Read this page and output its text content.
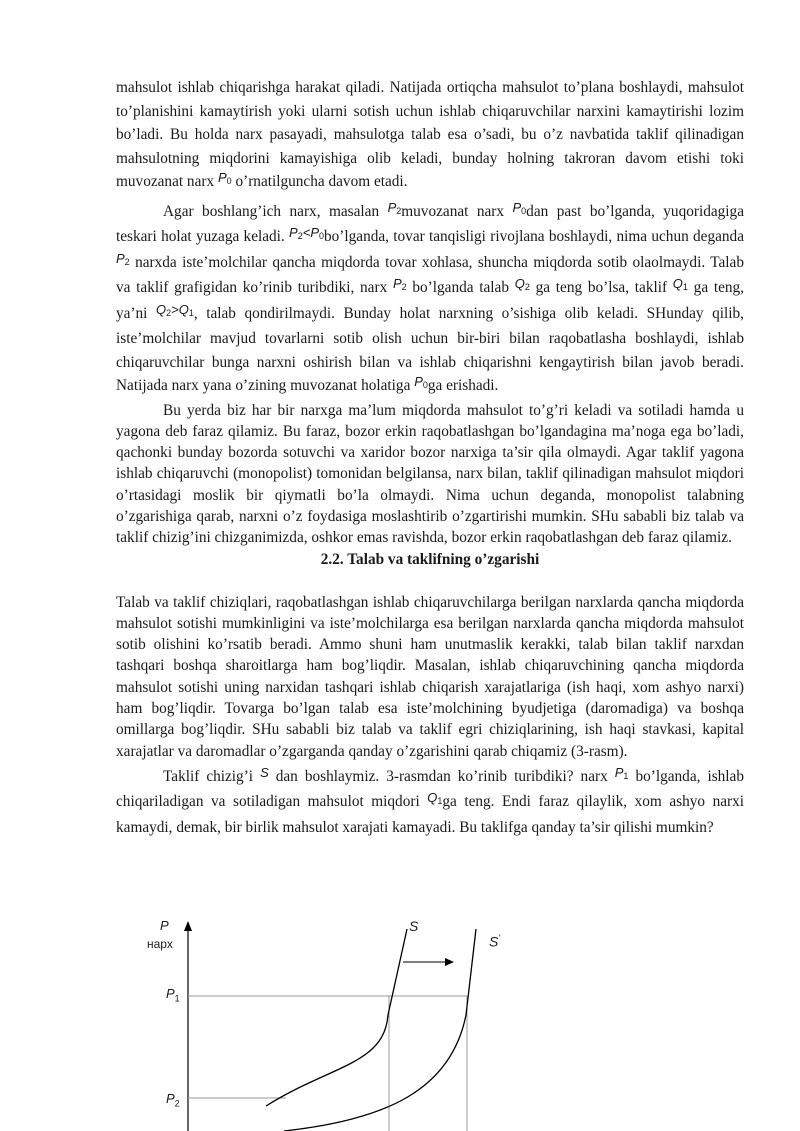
mahsulot ishlab chiqarishga harakat qiladi. Natijada ortiqcha mahsulot to’plana boshlaydi, mahsulot to’planishini kamaytirish yoki ularni sotish uchun ishlab chiqaruvchilar narxini kamaytirishi lozim bo’ladi. Bu holda narx pasayadi, mahsulotga talab esa o’sadi, bu o’z navbatida taklif qilinadigan mahsulotning miqdorini kamayishiga olib keladi, bunday holning takroran davom etishi toki muvozanat narx $^{P_0}$ o’rnatilguncha davom etadi.

Agar boshlang’ich narx, masalan $^{P_2}$muvozanat narx $^{P_0}$dan past bo’lganda, yuqoridagiga teskari holat yuzaga keladi. $^{P_2<P_0}$bo’lganda, tovar tanqisligi rivojlana boshlaydi, nima uchun deganda $^{P_2}$ narxda iste’molchilar qancha miqdorda tovar xohlasa, shuncha miqdorda sotib olaolmaydi. Talab va taklif grafigidan ko’rinib turibdiki, narx $^{P_2}$ bo’lganda talab $^{Q_2}$ ga teng bo’lsa, taklif $^{Q_1}$ ga teng, ya’ni $^{Q_2>Q_1}$, talab qondirilmaydi. Bunday holat narxning o’sishiga olib keladi. SHunday qilib, iste’molchilar mavjud tovarlarni sotib olish uchun bir-biri bilan raqobatlasha boshlaydi, ishlab chiqaruvchilar bunga narxni oshirish bilan va ishlab chiqarishni kengaytirish bilan javob beradi. Natijada narx yana o’zining muvozanat holatiga $^{P_0}$ga erishadi.

Bu yerda biz har bir narxga ma’lum miqdorda mahsulot to’g’ri keladi va sotiladi hamda u yagona deb faraz qilamiz. Bu faraz, bozor erkin raqobatlashgan bo’lgandagina ma’noga ega bo’ladi, qachonki bunday bozorda sotuvchi va xaridor bozor narxiga ta’sir qila olmaydi. Agar taklif yagona ishlab chiqaruvchi (monopolist) tomonidan belgilansa, narx bilan, taklif qilinadigan mahsulot miqdori o’rtasidagi moslik bir qiymatli bo’la olmaydi. Nima uchun deganda, monopolist talabning o’zgarishiga qarab, narxni o’z foydasiga moslashtirib o’zgartirishi mumkin. SHu sababli biz talab va taklif chizig’ini chizganimizda, oshkor emas ravishda, bozor erkin raqobatlashgan deb faraz qilamiz.

2.2. Talab va taklifning o’zgarishi

Talab va taklif chiziqlari, raqobatlashgan ishlab chiqaruvchilarga berilgan narxlarda qancha miqdorda mahsulot sotishi mumkinligini va iste’molchilarga esa berilgan narxlarda qancha miqdorda mahsulot sotib olishini ko’rsatib beradi. Ammo shuni ham unutmaslik kerakki, talab bilan taklif narxdan tashqari boshqa sharoitlarga ham bog’liqdir. Masalan, ishlab chiqaruvchining qancha miqdorda mahsulot sotishi uning narxidan tashqari ishlab chiqarish xarajatlariga (ish haqi, xom ashyo narxi) ham bog’liqdir. Tovarga bo’lgan talab esa iste’molchining byudjetiga (daromadiga) va boshqa omillarga bog’liqdir. SHu sababli biz talab va taklif egri chiziqlarining, ish haqi stavkasi, kapital xarajatlar va daromadlar o’zgarganda qanday o’zgarishini qarab chiqamiz (3-rasm).

Taklif chizig’i $^S$ dan boshlaymiz. 3-rasmdan ko’rinib turibdiki? narx $^{P_1}$ bo’lganda, ishlab chiqariladigan va sotiladigan mahsulot miqdori $^{Q_1}$ga teng. Endi faraz qilaylik, xom ashyo narxi kamaydi, demak, bir birlik mahsulot xarajati kamayadi. Bu taklifga qanday ta’sir qilishi mumkin?

P
нарх
$P_1$
$P_2$
S
S'
